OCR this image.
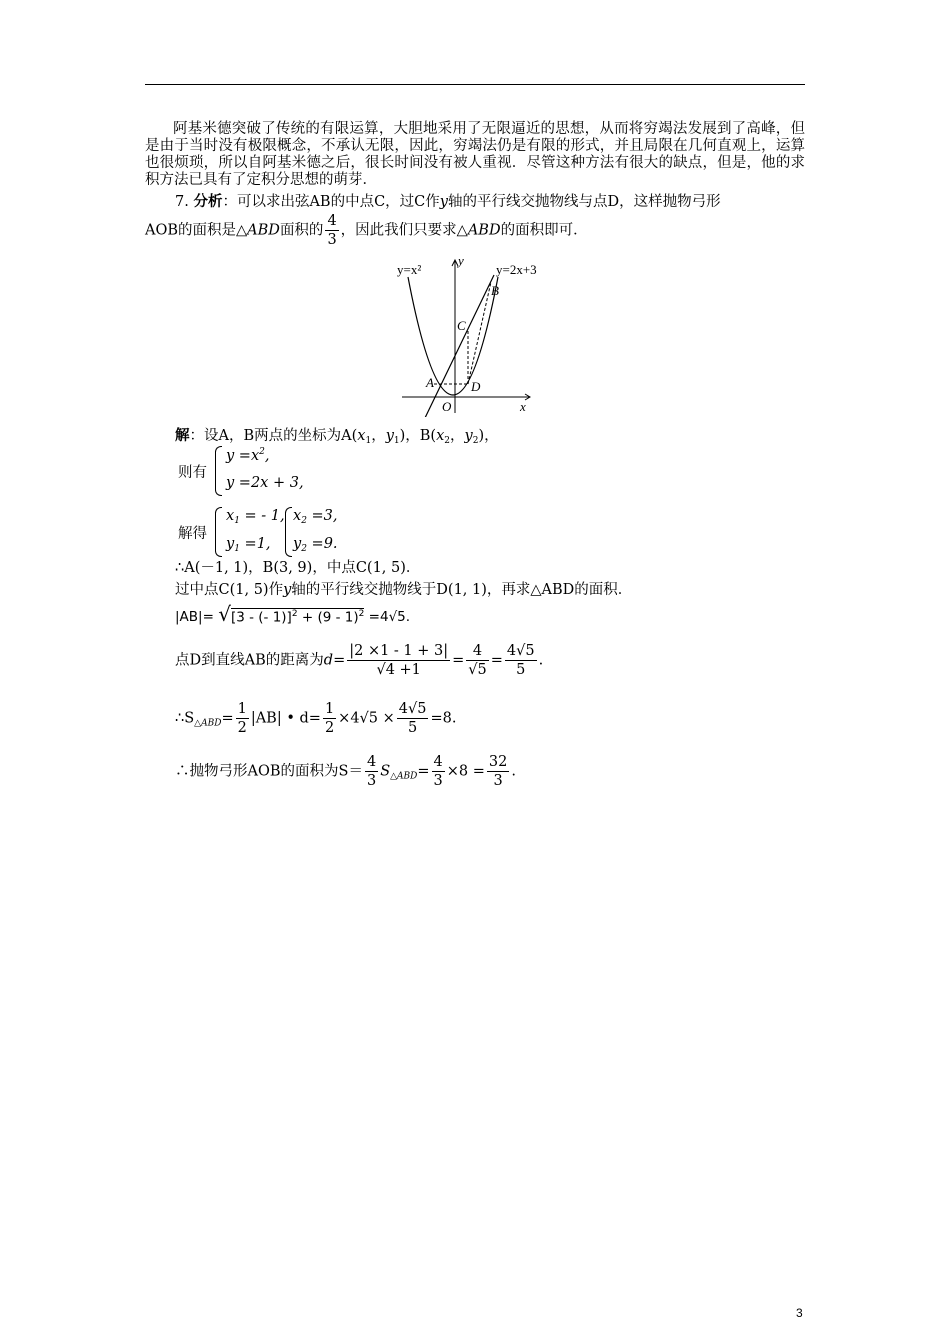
阿基米德突破了传统的有限运算，大胆地采用了无限逼近的思想，从而将穷竭法发展到了高峰，但是由于当时没有极限概念，不承认无限，因此，穷竭法仍是有限的形式，并且局限在几何直观上，运算也很烦琐，所以自阿基米德之后，很长时间没有被人重视．尽管这种方法有很大的缺点，但是，他的求积方法已具有了定积分思想的萌芽．
7. 分析：可以求出弦AB的中点C，过C作y轴的平行线交抛物线与点D，这样抛物弓形
AOB的面积是△ABD面积的 $\frac{4}{3}$ ，因此我们只要求△ABD的面积即可．
y=x²	y=2x+3
y
x
B
C
A	D
O
解：设A，B两点的坐标为$A(x_1$，$y_1$)，$B(x_2$，$y_2$)，
则有
$y =x^2$,
y =2x + 3,
解得
$x_1$ = - 1,
$y_1 =1$,
$x_2 =3$,
$y_2 =9$.
∴A(－1, 1)，B(3, 9)，中点C(1, 5)．
过中点C(1, 5)作y轴的平行线交抛物线于D(1, 1)，再求△ABD的面积．
|AB|= √[3 - (- 1)]$^2$ + (9 - 1)$^2$ =4√5.
点D到直线AB的距离为$d= \frac{|2 \times 1 - 1 + 3|}{√4 +1} = \frac{4}{√5} = \frac{4√5}{5}$ .
$\therefore S_{\triangle ABD}= \frac{1}{2} |AB|$ • $d= \frac{1}{2} \times 4√5 \times \frac{4√5}{5} =8$.
∴抛物弓形AOB的面积为$S= \frac{4}{3} S_{\triangle ABD}= \frac{4}{3} \times 8 = \frac{32}{3}$ .
3
